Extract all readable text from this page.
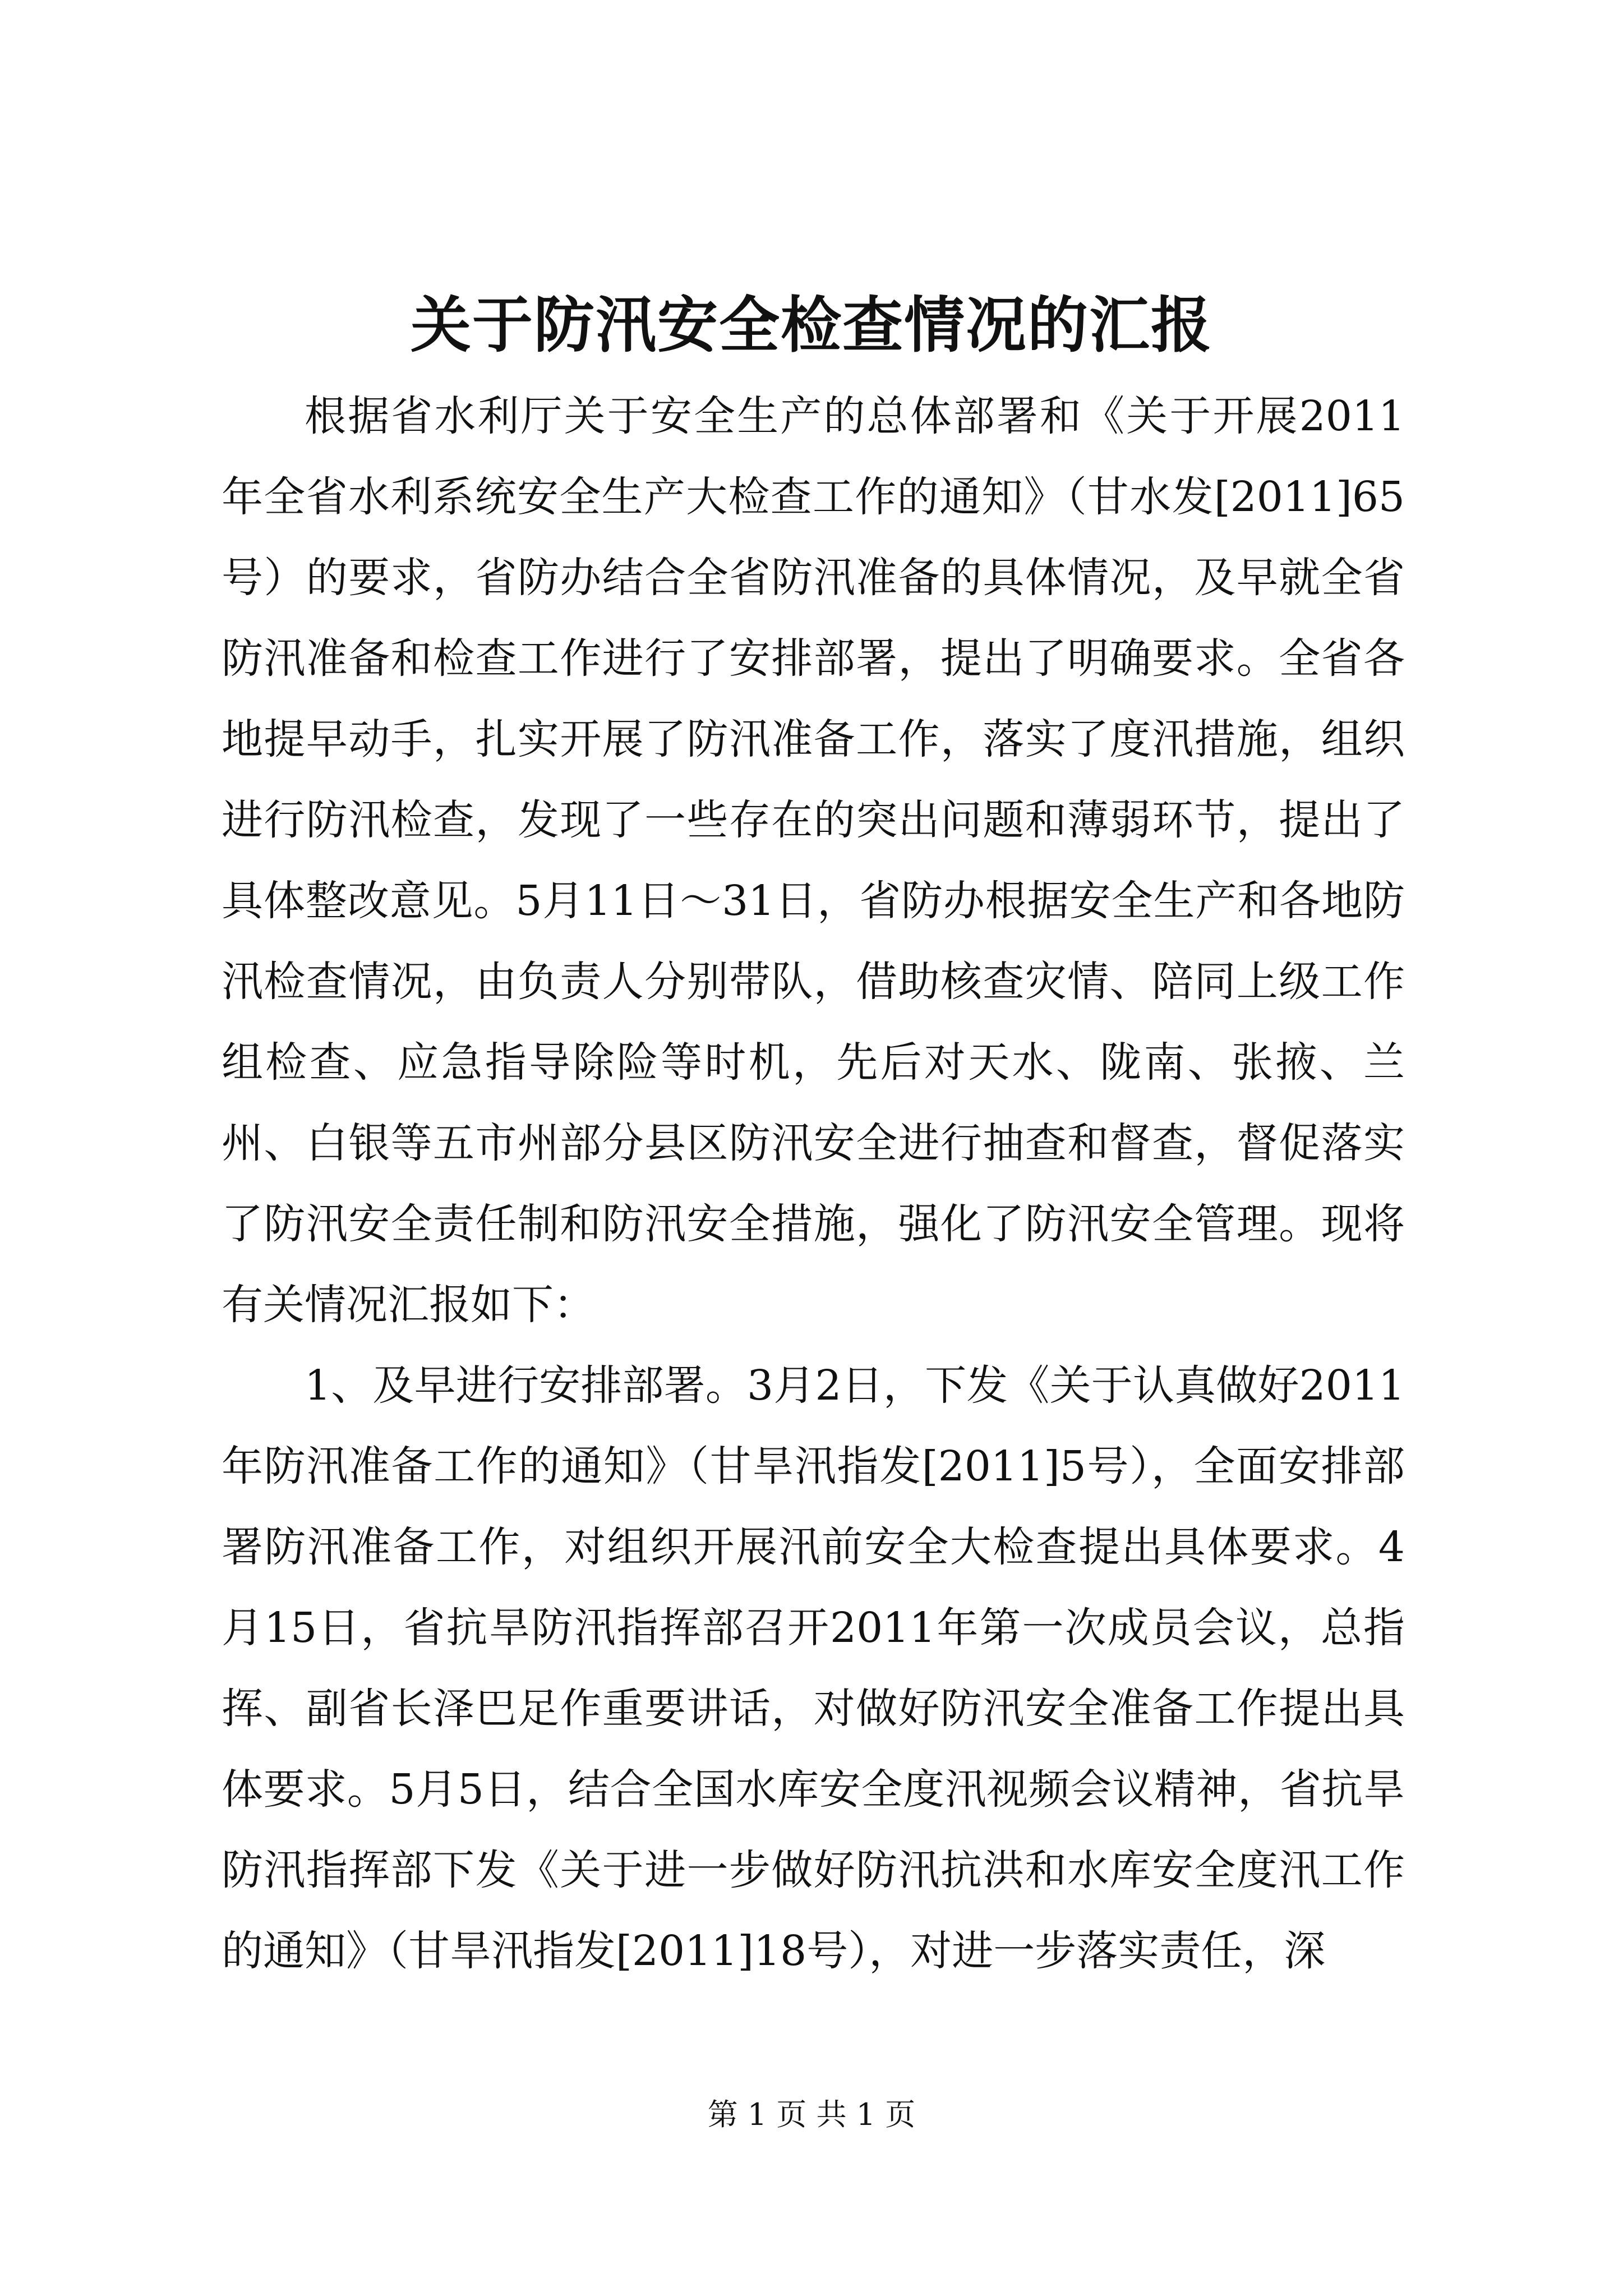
关于防汛安全检查情况的汇报

根据省水利厅关于安全生产的总体部署和《关于开展2011年全省水利系统安全生产大检查工作的通知》（甘水发[2011]65号）的要求，省防办结合全省防汛准备的具体情况，及早就全省防汛准备和检查工作进行了安排部署，提出了明确要求。全省各地提早动手，扎实开展了防汛准备工作，落实了度汛措施，组织进行防汛检查，发现了一些存在的突出问题和薄弱环节，提出了具体整改意见。5月11日～31日，省防办根据安全生产和各地防汛检查情况，由负责人分别带队，借助核查灾情、陪同上级工作组检查、应急指导除险等时机，先后对天水、陇南、张掖、兰州、白银等五市州部分县区防汛安全进行抽查和督查，督促落实了防汛安全责任制和防汛安全措施，强化了防汛安全管理。现将有关情况汇报如下：

1、及早进行安排部署。3月2日，下发《关于认真做好2011年防汛准备工作的通知》（甘旱汛指发[2011]5号），全面安排部署防汛准备工作，对组织开展汛前安全大检查提出具体要求。4月15日，省抗旱防汛指挥部召开2011年第一次成员会议，总指挥、副省长泽巴足作重要讲话，对做好防汛安全准备工作提出具体要求。5月5日，结合全国水库安全度汛视频会议精神，省抗旱防汛指挥部下发《关于进一步做好防汛抗洪和水库安全度汛工作的通知》（甘旱汛指发[2011]18号），对进一步落实责任，深

第 1 页 共 1 页
